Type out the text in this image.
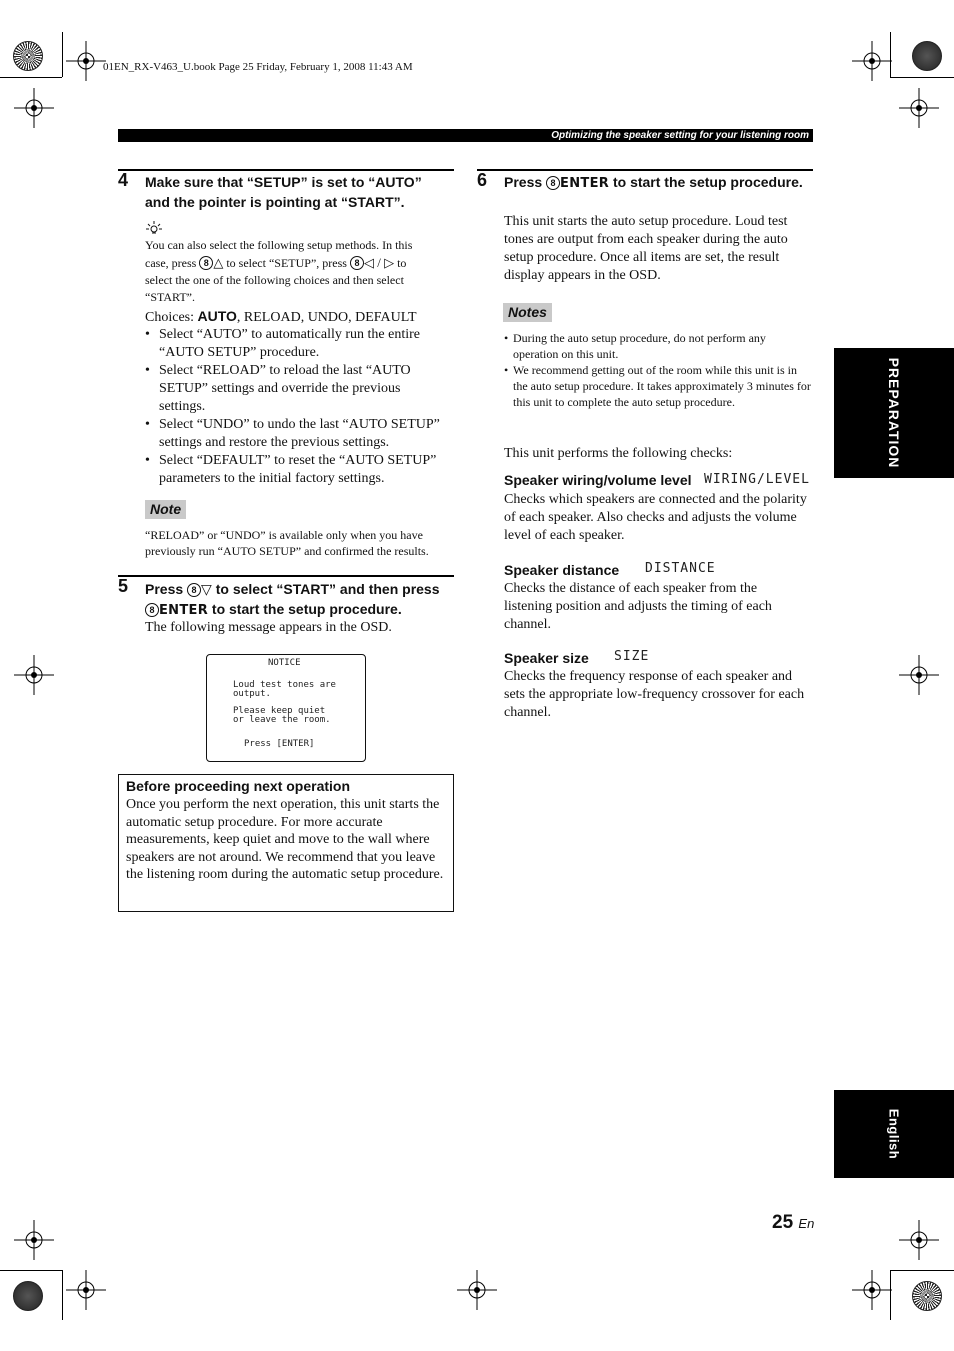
01EN_RX-V463_U.book Page 25 Friday, February 1, 2008 11:43 AM
Optimizing the speaker setting for your listening room
PREPARATION
English
4 Make sure that “SETUP” is set to “AUTO” and the pointer is pointing at “START”.
You can also select the following setup methods. In this
case, press 8 △ to select “SETUP”, press 8 ◁ / ▷ to
select the one of the following choices and then select “START”.
Choices: AUTO, RELOAD, UNDO, DEFAULT
• Select “AUTO” to automatically run the entire “AUTO SETUP” procedure.
• Select “RELOAD” to reload the last “AUTO SETUP” settings and override the previous settings.
• Select “UNDO” to undo the last “AUTO SETUP” settings and restore the previous settings.
• Select “DEFAULT” to reset the “AUTO SETUP” parameters to the initial factory settings.
Note
“RELOAD” or “UNDO” is available only when you have previously run “AUTO SETUP” and confirmed the results.
5 Press 8 ▽ to select “START” and then press
8 ENTER to start the setup procedure.
The following message appears in the OSD.
NOTICE
Loud test tones are
output.
Please keep quiet
or leave the room.
Press [ENTER]
Before proceeding next operation
Once you perform the next operation, this unit starts the automatic setup procedure. For more accurate measurements, keep quiet and move to the wall where speakers are not around. We recommend that you leave the listening room during the automatic setup procedure.
6 Press 8 ENTER to start the setup procedure.
This unit starts the auto setup procedure. Loud test tones are output from each speaker during the auto setup procedure. Once all items are set, the result display appears in the OSD.
Notes
• During the auto setup procedure, do not perform any operation on this unit.
• We recommend getting out of the room while this unit is in the auto setup procedure. It takes approximately 3 minutes for this unit to complete the auto setup procedure.
This unit performs the following checks:
Speaker wiring/volume level WIRING/LEVEL
Checks which speakers are connected and the polarity of each speaker. Also checks and adjusts the volume level of each speaker.
Speaker distance DISTANCE
Checks the distance of each speaker from the listening position and adjusts the timing of each channel.
Speaker size SIZE
Checks the frequency response of each speaker and sets the appropriate low-frequency crossover for each channel.
25 En
